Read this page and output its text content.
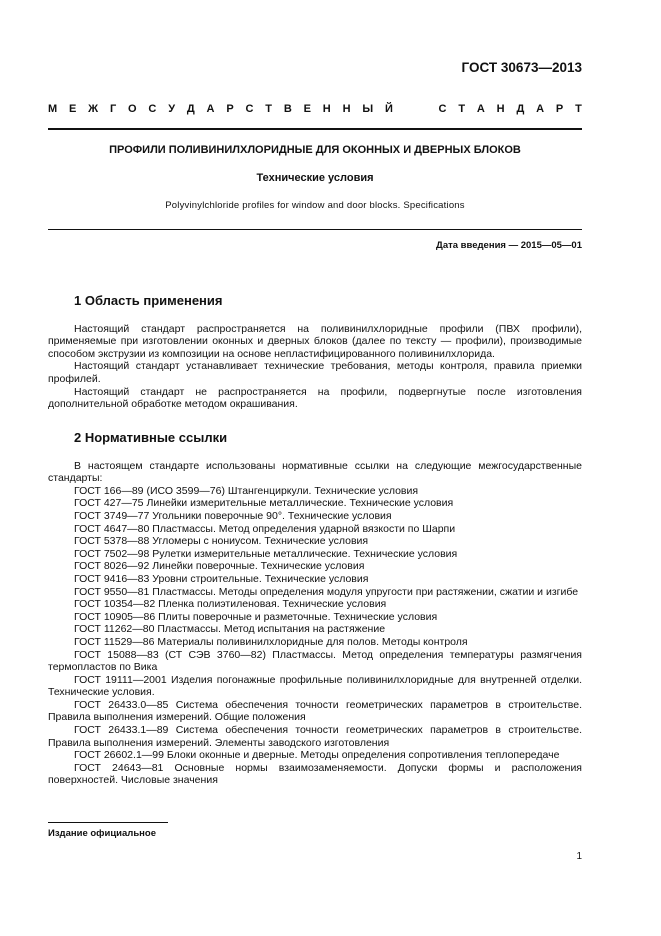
ГОСТ 30673—2013
М Е Ж Г О С У Д А Р С Т В Е Н Н Ы Й	С Т А Н Д А Р Т
ПРОФИЛИ ПОЛИВИНИЛХЛОРИДНЫЕ ДЛЯ ОКОННЫХ И ДВЕРНЫХ БЛОКОВ
Технические условия
Polyvinylchloride profiles for window and door blocks. Specifications
Дата введения — 2015—05—01
1 Область применения

Настоящий стандарт распространяется на поливинилхлоридные профили (ПВХ профили), применяемые при изготовлении оконных и дверных блоков (далее по тексту — профили), производимые способом экструзии из композиции на основе непластифицированного поливинилхлорида.

Настоящий стандарт устанавливает технические требования, методы контроля, правила приемки профилей.

Настоящий стандарт не распространяется на профили, подвергнутые после изготовления дополнительной обработке методом окрашивания.

2 Нормативные ссылки

В настоящем стандарте использованы нормативные ссылки на следующие межгосударственные стандарты:

ГОСТ 166—89 (ИСО 3599—76) Штангенциркули. Технические условия

ГОСТ 427—75 Линейки измерительные металлические. Технические условия

ГОСТ 3749—77 Угольники поверочные 90°. Технические условия

ГОСТ 4647—80 Пластмассы. Метод определения ударной вязкости по Шарпи

ГОСТ 5378—88 Угломеры с нониусом. Технические условия

ГОСТ 7502—98 Рулетки измерительные металлические. Технические условия

ГОСТ 8026—92 Линейки поверочные. Технические условия

ГОСТ 9416—83 Уровни строительные. Технические условия

ГОСТ 9550—81 Пластмассы. Методы определения модуля упругости при растяжении, сжатии и изгибе

ГОСТ 10354—82 Пленка полиэтиленовая. Технические условия

ГОСТ 10905—86 Плиты поверочные и разметочные. Технические условия

ГОСТ 11262—80 Пластмассы. Метод испытания на растяжение

ГОСТ 11529—86 Материалы поливинилхлоридные для полов. Методы контроля

ГОСТ 15088—83 (СТ СЭВ 3760—82) Пластмассы. Метод определения температуры размягчения термопластов по Вика

ГОСТ 19111—2001 Изделия погонажные профильные поливинилхлоридные для внутренней отделки. Технические условия.

ГОСТ 26433.0—85 Система обеспечения точности геометрических параметров в строительстве. Правила выполнения измерений. Общие положения

ГОСТ 26433.1—89 Система обеспечения точности геометрических параметров в строительстве. Правила выполнения измерений. Элементы заводского изготовления

ГОСТ 26602.1—99 Блоки оконные и дверные. Методы определения сопротивления теплопередаче

ГОСТ 24643—81 Основные нормы взаимозаменяемости. Допуски формы и расположения поверхностей. Числовые значения

Издание официальное
1
